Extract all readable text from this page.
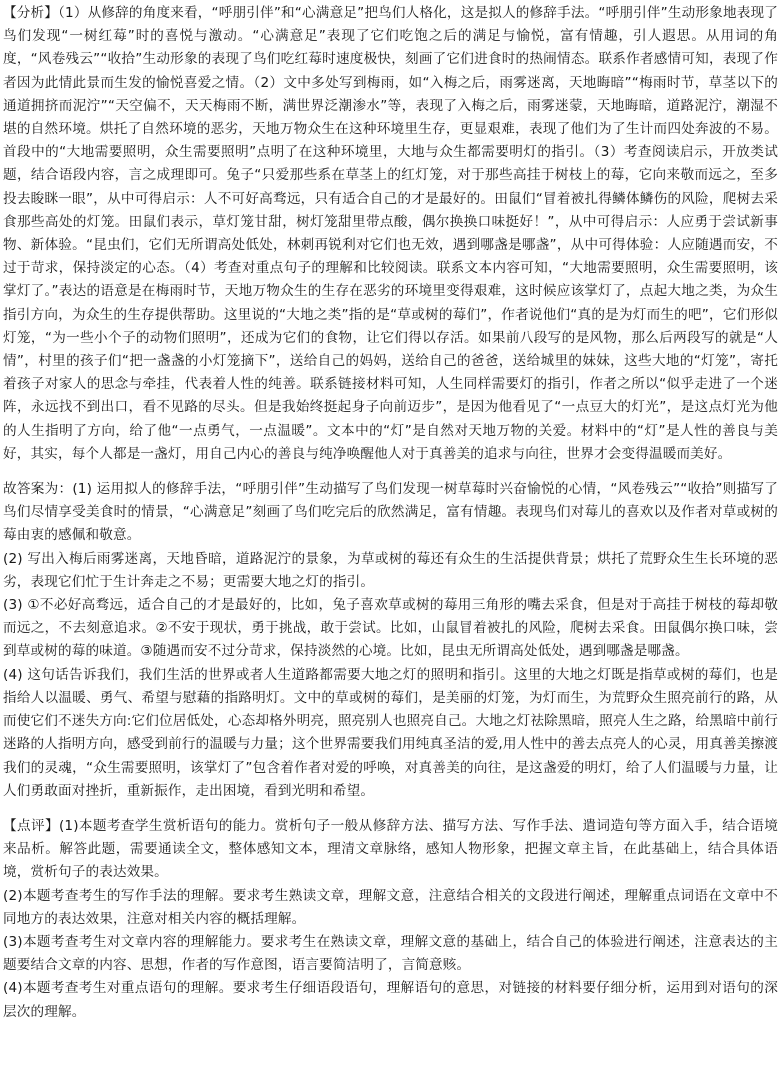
【分析】（1）从修辞的角度来看，“呼朋引伴”和“心满意足”把鸟们人格化，这是拟人的修辞手法。“呼朋引伴”生动形象地表现了鸟们发现“一树红莓”时的喜悦与激动。“心满意足”表现了它们吃饱之后的满足与愉悦，富有情趣，引人遐思。从用词的角度，“风卷残云”“收拾”生动形象的表现了鸟们吃红莓时速度极快，刻画了它们进食时的热闹情态。联系作者感情可知，表现了作者因为此情此景而生发的愉悦喜爱之情。（2）文中多处写到梅雨，如“入梅之后，雨雾迷离，天地晦暗”“梅雨时节，草茎以下的通道拥挤而泥泞”“天空偏不，天天梅雨不断，满世界泛潮渗水”等，表现了入梅之后，雨雾迷蒙，天地晦暗，道路泥泞，潮湿不堪的自然环境。烘托了自然环境的恶劣，天地万物众生在这种环境里生存，更显艰难，表现了他们为了生计而四处奔波的不易。首段中的“大地需要照明，众生需要照明”点明了在这种环境里，大地与众生都需要明灯的指引。（3）考查阅读启示，开放类试题，结合语段内容，言之成理即可。兔子“只爱那些系在草茎上的红灯笼，对于那些高挂于树枝上的莓，它向来敬而远之，至多投去睃眯一眼”，从中可得启示：人不可好高骛远，只有适合自己的才是最好的。田鼠们“冒着被扎得鳞体鳞伤的风险，爬树去采食那些高处的灯笼。田鼠们表示，草灯笼甘甜，树灯笼甜里带点酸，偶尔换换口味挺好！”，从中可得启示：人应勇于尝试新事物、新体验。“昆虫们，它们无所谓高处低处，林刺再锐利对它们也无效，遇到哪盏是哪盏”，从中可得体验：人应随遇而安，不过于苛求，保持淡定的心态。（4）考查对重点句子的理解和比较阅读。联系文本内容可知，“大地需要照明，众生需要照明，该掌灯了。”表达的语意是在梅雨时节，天地万物众生的生存在恶劣的环境里变得艰难，这时候应该掌灯了，点起大地之类，为众生指引方向，为众生的生存提供帮助。这里说的“大地之类”指的是“草或树的莓们”，作者说他们“真的是为灯而生的吧”，它们形似灯笼，“为一些小个子的动物们照明”，还成为它们的食物，让它们得以存活。如果前八段写的是风物，那么后两段写的就是“人情”，村里的孩子们“把一盏盏的小灯笼摘下”，送给自己的妈妈，送给自己的爸爸，送给城里的妹妹，这些大地的“灯笼”，寄托着孩子对家人的思念与牵挂，代表着人性的纯善。联系链接材料可知，人生同样需要灯的指引，作者之所以“似乎走进了一个迷阵，永远找不到出口，看不见路的尽头。但是我始终挺起身子向前迈步”，是因为他看见了“一点豆大的灯光”，是这点灯光为他的人生指明了方向，给了他“一点勇气，一点温暖”。文本中的“灯”是自然对天地万物的关爱。材料中的“灯”是人性的善良与美好，其实，每个人都是一盏灯，用自己内心的善良与纯净唤醒他人对于真善美的追求与向往，世界才会变得温暖而美好。

故答案为：(1) 运用拟人的修辞手法，“呼朋引伴”生动描写了鸟们发现一树草莓时兴奋愉悦的心情，“风卷残云”“收拾”则描写了鸟们尽情享受美食时的情景，“心满意足”刻画了鸟们吃完后的欣然满足，富有情趣。表现鸟们对莓儿的喜欢以及作者对草或树的莓由衷的感佩和敬意。

(2) 写出入梅后雨雾迷离，天地昏暗，道路泥泞的景象，为草或树的莓还有众生的生活提供背景；烘托了荒野众生生长环境的恶劣，表现它们忙于生计奔走之不易；更需要大地之灯的指引。

(3) ①不必好高骛远，适合自己的才是最好的，比如，兔子喜欢草或树的莓用三角形的嘴去采食，但是对于高挂于树枝的莓却敬而远之，不去刻意追求。②不安于现状，勇于挑战，敢于尝试。比如，山鼠冒着被扎的风险，爬树去采食。田鼠偶尔换口味，尝到草或树的莓的味道。③随遇而安不过分苛求，保持淡然的心境。比如，昆虫无所谓高处低处，遇到哪盏是哪盏。

(4) 这句话告诉我们，我们生活的世界或者人生道路都需要大地之灯的照明和指引。这里的大地之灯既是指草或树的莓们，也是指给人以温暖、勇气、希望与慰藉的指路明灯。文中的草或树的莓们，是美丽的灯笼，为灯而生，为荒野众生照亮前行的路，从而使它们不迷失方向:它们位居低处，心态却格外明亮，照亮别人也照亮自己。大地之灯祛除黑暗，照亮人生之路，给黑暗中前行迷路的人指明方向，感受到前行的温暖与力量；这个世界需要我们用纯真圣洁的爱,用人性中的善去点亮人的心灵，用真善美擦渡我们的灵魂，“众生需要照明，该掌灯了”包含着作者对爱的呼唤，对真善美的向往，是这盏爱的明灯，给了人们温暖与力量，让人们勇敢面对挫折，重新振作，走出困境，看到光明和希望。

【点评】(1)本题考查学生赏析语句的能力。赏析句子一般从修辞方法、描写方法、写作手法、遣词造句等方面入手，结合语境来品析。解答此题，需要通读全文，整体感知文本，理清文章脉络，感知人物形象，把握文章主旨，在此基础上，结合具体语境，赏析句子的表达效果。

(2)本题考查考生的写作手法的理解。要求考生熟读文章，理解文意，注意结合相关的文段进行阐述，理解重点词语在文章中不同地方的表达效果，注意对相关内容的概括理解。

(3)本题考查考生对文章内容的理解能力。要求考生在熟读文章，理解文意的基础上，结合自己的体验进行阐述，注意表达的主题要结合文章的内容、思想，作者的写作意图，语言要简洁明了，言简意赅。

(4)本题考查考生对重点语句的理解。要求考生仔细语段语句，理解语句的意思，对链接的材料要仔细分析，运用到对语句的深层次的理解。
